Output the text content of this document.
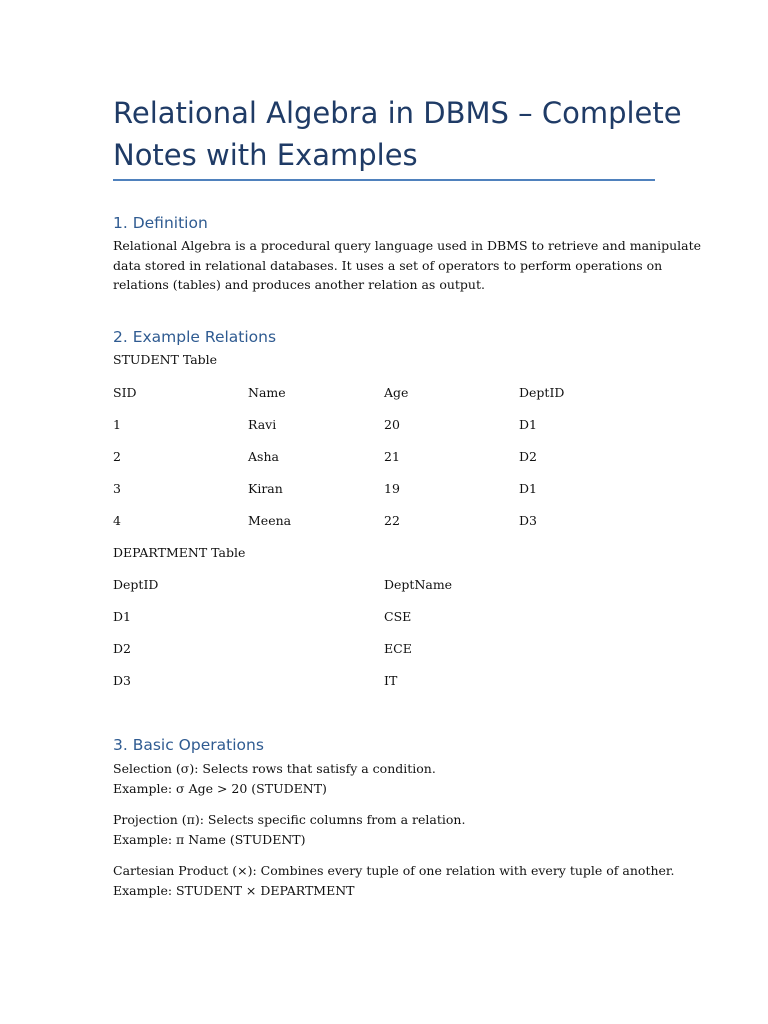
Relational Algebra in DBMS – Complete
Notes with Examples
1. Definition

Relational Algebra is a procedural query language used in DBMS to retrieve and manipulate
data stored in relational databases. It uses a set of operators to perform operations on
relations (tables) and produces another relation as output.

2. Example Relations
STUDENT Table
SID	Name	Age	DeptID
1	Ravi	20	D1
2	Asha	21	D2
3	Kiran	19	D1
4	Meena	22	D3
DEPARTMENT Table
DeptID	DeptName
D1	CSE
D2	ECE
D3	IT
3. Basic Operations

Selection (σ): Selects rows that satisfy a condition.
Example: σ Age > 20 (STUDENT)

Projection (π): Selects specific columns from a relation.
Example: π Name (STUDENT)

Cartesian Product (×): Combines every tuple of one relation with every tuple of another.
Example: STUDENT × DEPARTMENT
